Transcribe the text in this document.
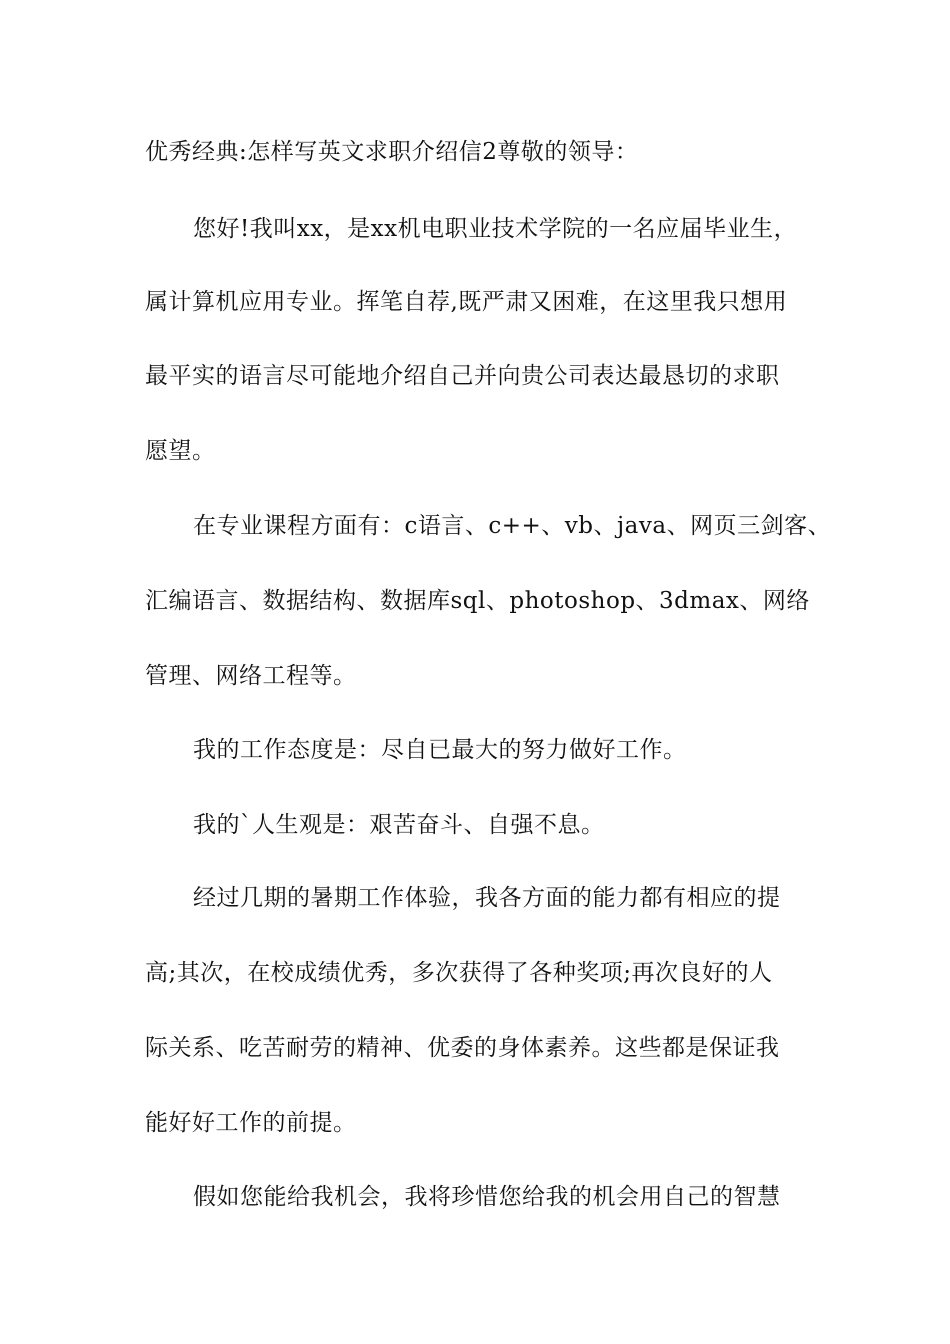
优秀经典:怎样写英文求职介绍信2尊敬的领导：
您好!我叫xx，是xx机电职业技术学院的一名应届毕业生，
属计算机应用专业。挥笔自荐,既严肃又困难，在这里我只想用
最平实的语言尽可能地介绍自己并向贵公司表达最恳切的求职
愿望。
在专业课程方面有：c语言、c++、vb、java、网页三剑客、
汇编语言、数据结构、数据库sql、photoshop、3dmax、网络
管理、网络工程等。
我的工作态度是：尽自已最大的努力做好工作。
我的`人生观是：艰苦奋斗、自强不息。
经过几期的暑期工作体验，我各方面的能力都有相应的提
高;其次，在校成绩优秀，多次获得了各种奖项;再次良好的人
际关系、吃苦耐劳的精神、优委的身体素养。这些都是保证我
能好好工作的前提。
假如您能给我机会，我将珍惜您给我的机会用自己的智慧
